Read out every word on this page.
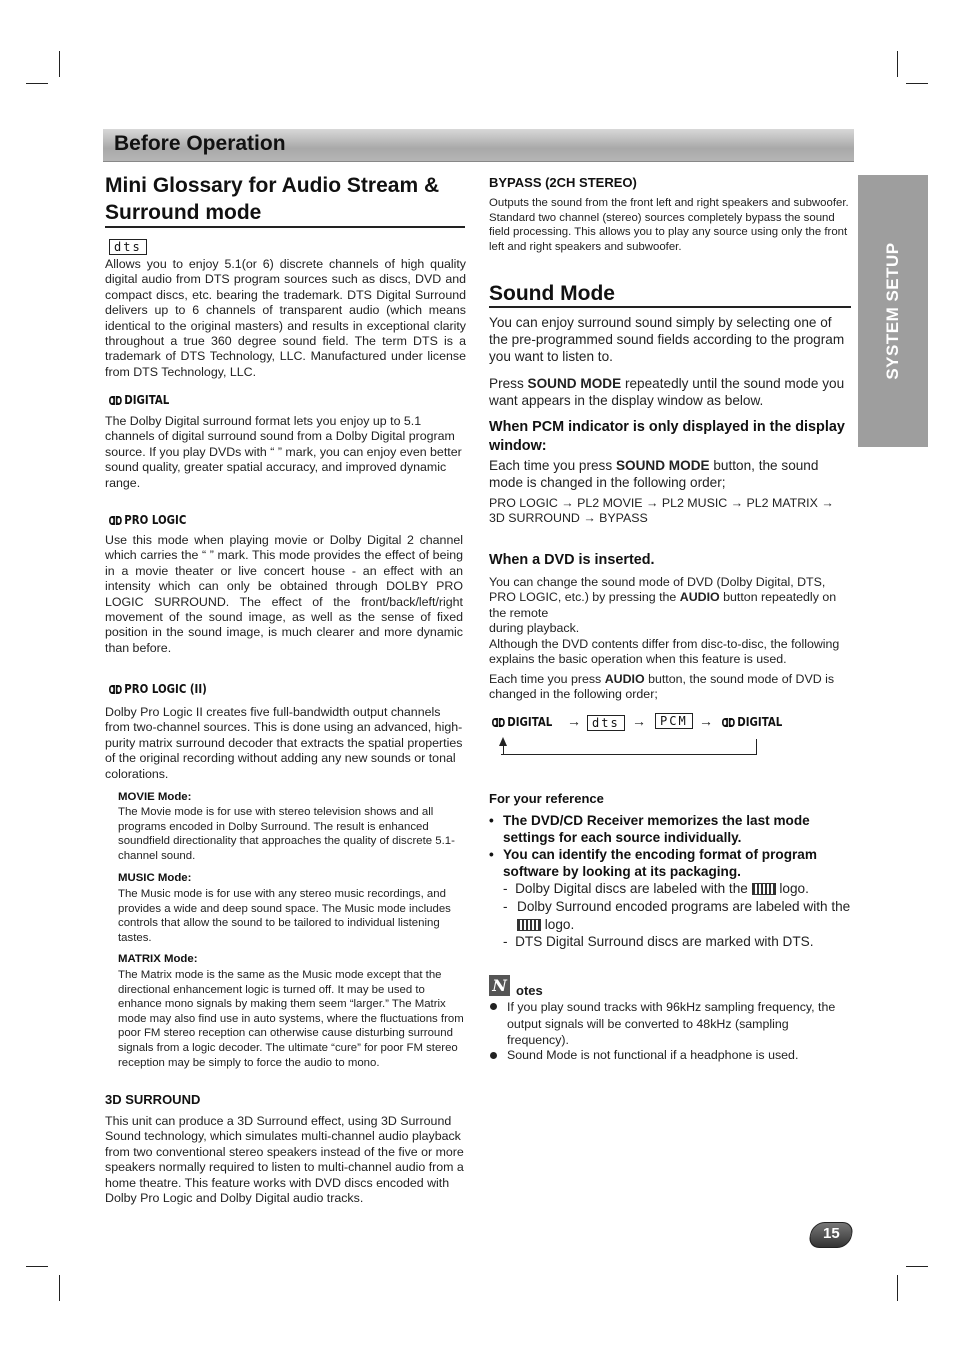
Before Operation
SYSTEM SETUP
Mini Glossary for Audio Stream & Surround mode
dts

Allows you to enjoy 5.1(or 6) discrete channels of high quality digital audio from DTS program sources such as discs, DVD and compact discs, etc. bearing the trademark. DTS Digital Surround delivers up to 6 channels of transparent audio (which means identical to the original masters) and results in exceptional clarity throughout a true 360 degree sound field. The term DTS is a trademark of DTS Technology, LLC. Manufactured under license from DTS Technology, LLC.

DIGITAL

The Dolby Digital surround format lets you enjoy up to 5.1 channels of digital surround sound from a Dolby Digital program source. If you play DVDs with “ ” mark, you can enjoy even better sound quality, greater spatial accuracy, and improved dynamic range.

PRO LOGIC

Use this mode when playing movie or Dolby Digital 2 channel which carries the “ ” mark. This mode provides the effect of being in a movie theater or live concert house - an effect with an intensity which can only be obtained through DOLBY PRO LOGIC SURROUND. The effect of the front/back/left/right movement of the sound image, as well as the sense of fixed position in the sound image, is much clearer and more dynamic than before.

PRO LOGIC (II)

Dolby Pro Logic II creates five full-bandwidth output channels from two-channel sources. This is done using an advanced, high-purity matrix surround decoder that extracts the spatial properties of the original recording without adding any new sounds or tonal colorations.

MOVIE Mode:

The Movie mode is for use with stereo television shows and all programs encoded in Dolby Surround. The result is enhanced soundfield directionality that approaches the quality of discrete 5.1-channel sound.

MUSIC Mode:

The Music mode is for use with any stereo music recordings, and provides a wide and deep sound space. The Music mode includes controls that allow the sound to be tailored to individual listening tastes.

MATRIX Mode:

The Matrix mode is the same as the Music mode except that the directional enhancement logic is turned off. It may be used to enhance mono signals by making them seem “larger.” The Matrix mode may also find use in auto systems, where the fluctuations from poor FM stereo reception can otherwise cause disturbing surround signals from a logic decoder. The ultimate “cure” for poor FM stereo reception may be simply to force the audio to mono.

3D SURROUND

This unit can produce a 3D Surround effect, using 3D Surround Sound technology, which simulates multi-channel audio playback from two conventional stereo speakers instead of the five or more speakers normally required to listen to multi-channel audio from a home theatre. This feature works with DVD discs encoded with Dolby Pro Logic and Dolby Digital audio tracks.

BYPASS (2CH STEREO)

Outputs the sound from the front left and right speakers and subwoofer. Standard two channel (stereo) sources completely bypass the sound field processing. This allows you to play any source using only the front left and right speakers and subwoofer.

Sound Mode

You can enjoy surround sound simply by selecting one of the pre-programmed sound fields according to the program you want to listen to.

Press SOUND MODE repeatedly until the sound mode you want appears in the display window as below.

When PCM indicator is only displayed in the display window:

Each time you press SOUND MODE button, the sound mode is changed in the following order;

PRO LOGIC → PL2 MOVIE → PL2 MUSIC → PL2 MATRIX → 3D SURROUND → BYPASS

When a DVD is inserted.

You can change the sound mode of DVD (Dolby Digital, DTS, PRO LOGIC, etc.) by pressing the AUDIO button repeatedly on the remote

during playback.

Although the DVD contents differ from disc-to-disc, the following explains the basic operation when this feature is used.

Each time you press AUDIO button, the sound mode of DVD is changed in the following order;

DIGITAL → dts →	PCM → DIGITAL
For your reference

• The DVD/CD Receiver memorizes the last mode settings for each source individually.

• You can identify the encoding format of program software by looking at its packaging.

-  Dolby Digital discs are labeled with the logo.

- Dolby Surround encoded programs are labeled with the  logo.

-  DTS Digital Surround discs are marked with DTS.

N otes

If you play sound tracks with 96kHz sampling frequency, the output signals will be converted to 48kHz (sampling frequency).

Sound Mode is not functional if a headphone is used.

15
